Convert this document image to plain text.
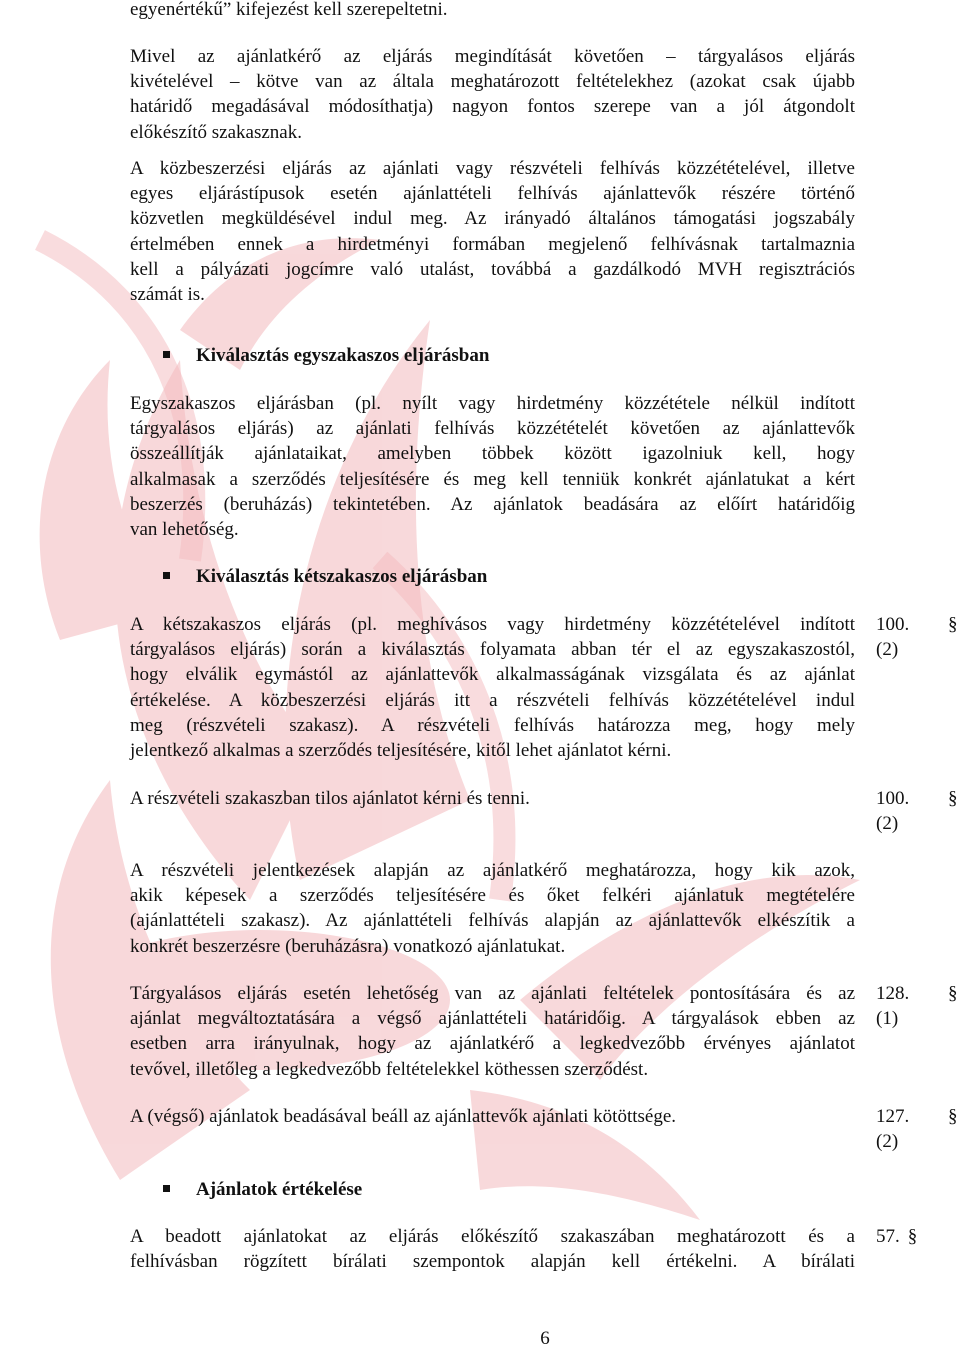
egyenértékű” kifejezést kell szerepeltetni.

Mivel az ajánlatkérő az eljárás megindítását követően – tárgyalásos eljárás
kivételével – kötve van az általa meghatározott feltételekhez (azokat csak újabb
határidő megadásával módosíthatja) nagyon fontos szerepe van a jól átgondolt
előkészítő szakasznak.

A közbeszerzési eljárás az ajánlati vagy részvételi felhívás közzétételével, illetve
egyes eljárástípusok esetén ajánlattételi felhívás ajánlattevők részére történő
közvetlen megküldésével indul meg. Az irányadó általános támogatási jogszabály
értelmében ennek a hirdetményi formában megjelenő felhívásnak tartalmaznia
kell a pályázati jogcímre való utalást, továbbá a gazdálkodó MVH regisztrációs
számát is.

Kiválasztás egyszakaszos eljárásban

Egyszakaszos eljárásban (pl. nyílt vagy hirdetmény közzététele nélkül indított
tárgyalásos eljárás) az ajánlati felhívás közzétételét követően az ajánlattevők
összeállítják ajánlataikat, amelyben többek között igazolniuk kell, hogy
alkalmasak a szerződés teljesítésére és meg kell tenniük konkrét ajánlatukat a kért
beszerzés (beruházás) tekintetében. Az ajánlatok beadására az előírt határidőig
van lehetőség.

Kiválasztás kétszakaszos eljárásban

A kétszakaszos eljárás (pl. meghívásos vagy hirdetmény közzétételével indított
tárgyalásos eljárás) során a kiválasztás folyamata abban tér el az egyszakaszostól,
hogy elválik egymástól az ajánlattevők alkalmasságának vizsgálata és az ajánlat
értékelése. A közbeszerzési eljárás itt a részvételi felhívás közzétételével indul
meg (részvételi szakasz). A részvételi felhívás határozza meg, hogy mely
jelentkező alkalmas a szerződés teljesítésére, kitől lehet ajánlatot kérni.

100.
(2)

§

A részvételi szakaszban tilos ajánlatot kérni és tenni.	100.
(2)

§

A részvételi jelentkezések alapján az ajánlatkérő meghatározza, hogy kik azok,
akik képesek a szerződés teljesítésére és őket felkéri ajánlatuk megtételére
(ajánlattételi szakasz). Az ajánlattételi felhívás alapján az ajánlattevők elkészítik a
konkrét beszerzésre (beruházásra) vonatkozó ajánlatukat.

Tárgyalásos eljárás esetén lehetőség van az ajánlati feltételek pontosítására és az
ajánlat megváltoztatására a végső ajánlattételi határidőig. A tárgyalások ebben az
esetben arra irányulnak, hogy az ajánlatkérő a legkedvezőbb érvényes ajánlatot
tevővel, illetőleg a legkedvezőbb feltételekkel köthessen szerződést.

128.
(1)

§

A (végső) ajánlatok beadásával beáll az ajánlattevők ajánlati kötöttsége.	127.
(2)

§

Ajánlatok értékelése

A beadott ajánlatokat az eljárás előkészítő szakaszában meghatározott és a
felhívásban rögzített bírálati szempontok alapján kell értékelni. A bírálati

57. §

6
